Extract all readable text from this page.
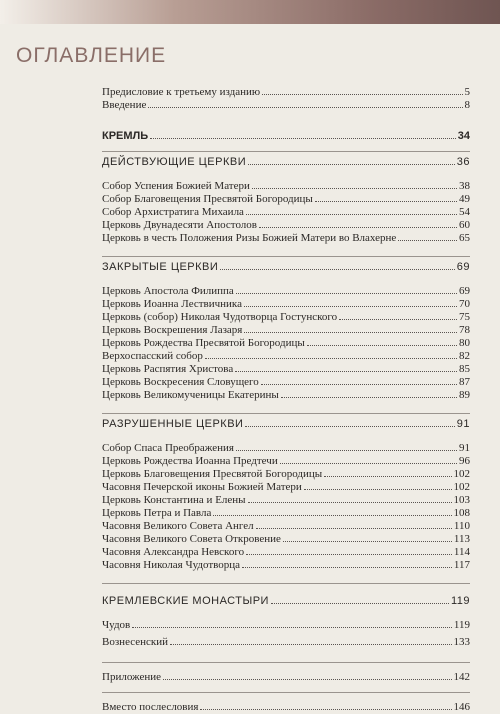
ОГЛАВЛЕНИЕ
Предисловие к третьему изданию	5
Введение	8
КРЕМЛЬ	34
ДЕЙСТВУЮЩИЕ ЦЕРКВИ	36
Собор Успения Божией Матери	38
Собор Благовещения Пресвятой Богородицы	49
Собор Архистратига Михаила	54
Церковь Двунадесяти Апостолов	60
Церковь в честь Положения Ризы Божией Матери во Влахерне	65
ЗАКРЫТЫЕ ЦЕРКВИ	69
Церковь Апостола Филиппа	69
Церковь Иоанна Лествичника	70
Церковь (собор) Николая Чудотворца Гостунского	75
Церковь Воскрешения Лазаря	78
Церковь Рождества Пресвятой Богородицы	80
Верхоспасский собор	82
Церковь Распятия Христова	85
Церковь Воскресения Словущего	87
Церковь Великомученицы Екатерины	89
РАЗРУШЕННЫЕ ЦЕРКВИ	91
Собор Спаса Преображения	91
Церковь Рождества Иоанна Предтечи	96
Церковь Благовещения Пресвятой Богородицы	102
Часовня Печерской иконы Божией Матери	102
Церковь Константина и Елены	103
Церковь Петра и Павла	108
Часовня Великого Совета Ангел	110
Часовня Великого Совета Откровение	113
Часовня Александра Невского	114
Часовня Николая Чудотворца	117
КРЕМЛЕВСКИЕ МОНАСТЫРИ	119
Чудов	119
Вознесенский	133
Приложение	142
Вместо послесловия	146
